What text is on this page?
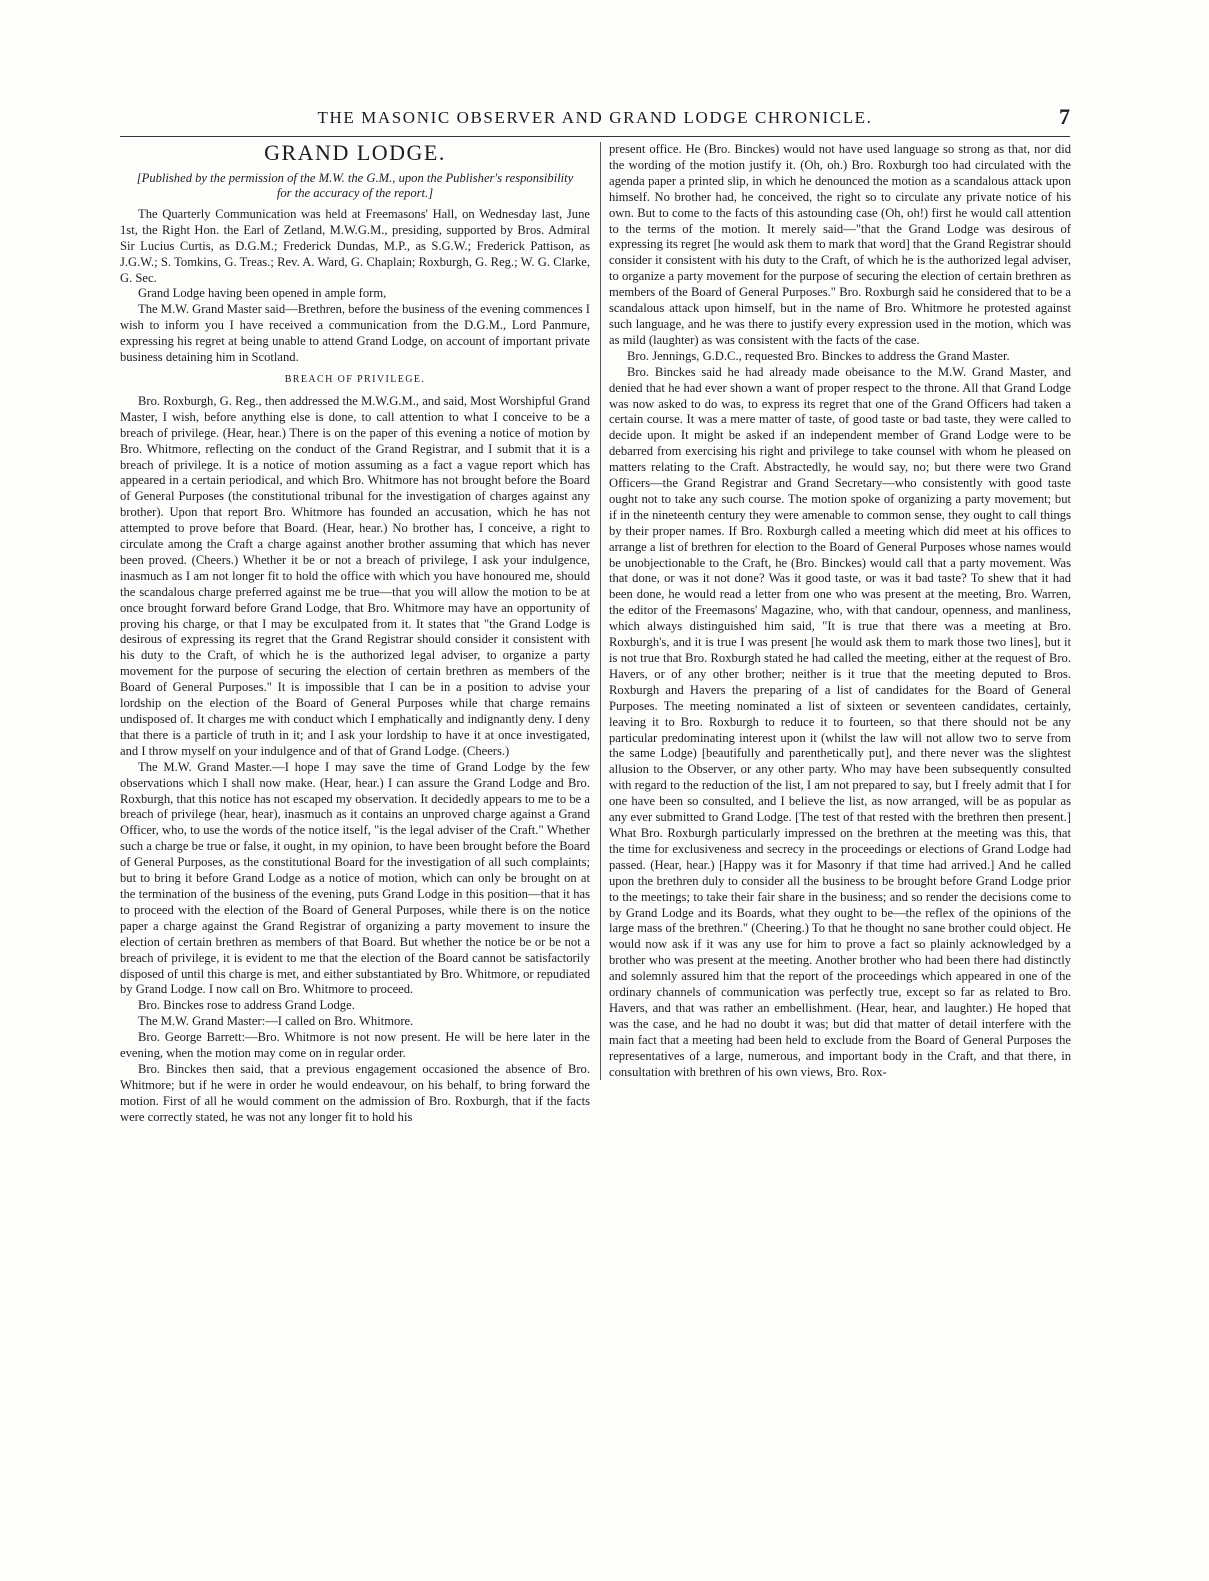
THE MASONIC OBSERVER AND GRAND LODGE CHRONICLE.	7
GRAND LODGE.
[Published by the permission of the M.W. the G.M., upon the Publisher's responsibility for the accuracy of the report.]

The Quarterly Communication was held at Freemasons' Hall, on Wednesday last, June 1st, the Right Hon. the Earl of Zetland, M.W.G.M., presiding, supported by Bros. Admiral Sir Lucius Curtis, as D.G.M.; Frederick Dundas, M.P., as S.G.W.; Frederick Pattison, as J.G.W.; S. Tomkins, G. Treas.; Rev. A. Ward, G. Chaplain; Roxburgh, G. Reg.; W. G. Clarke, G. Sec.

Grand Lodge having been opened in ample form,

The M.W. Grand Master said—Brethren, before the business of the evening commences I wish to inform you I have received a communication from the D.G.M., Lord Panmure, expressing his regret at being unable to attend Grand Lodge, on account of important private business detaining him in Scotland.

BREACH OF PRIVILEGE.

Bro. Roxburgh, G. Reg., then addressed the M.W.G.M., and said, Most Worshipful Grand Master, I wish, before anything else is done, to call attention to what I conceive to be a breach of privilege. (Hear, hear.) There is on the paper of this evening a notice of motion by Bro. Whitmore, reflecting on the conduct of the Grand Registrar, and I submit that it is a breach of privilege. It is a notice of motion assuming as a fact a vague report which has appeared in a certain periodical, and which Bro. Whitmore has not brought before the Board of General Purposes (the constitutional tribunal for the investigation of charges against any brother). Upon that report Bro. Whitmore has founded an accusation, which he has not attempted to prove before that Board. (Hear, hear.) No brother has, I conceive, a right to circulate among the Craft a charge against another brother assuming that which has never been proved. (Cheers.) Whether it be or not a breach of privilege, I ask your indulgence, inasmuch as I am not longer fit to hold the office with which you have honoured me, should the scandalous charge preferred against me be true—that you will allow the motion to be at once brought forward before Grand Lodge, that Bro. Whitmore may have an opportunity of proving his charge, or that I may be exculpated from it. It states that "the Grand Lodge is desirous of expressing its regret that the Grand Registrar should consider it consistent with his duty to the Craft, of which he is the authorized legal adviser, to organize a party movement for the purpose of securing the election of certain brethren as members of the Board of General Purposes." It is impossible that I can be in a position to advise your lordship on the election of the Board of General Purposes while that charge remains undisposed of. It charges me with conduct which I emphatically and indignantly deny. I deny that there is a particle of truth in it; and I ask your lordship to have it at once investigated, and I throw myself on your indulgence and of that of Grand Lodge. (Cheers.)

The M.W. Grand Master.—I hope I may save the time of Grand Lodge by the few observations which I shall now make. (Hear, hear.) I can assure the Grand Lodge and Bro. Roxburgh, that this notice has not escaped my observation. It decidedly appears to me to be a breach of privilege (hear, hear), inasmuch as it contains an unproved charge against a Grand Officer, who, to use the words of the notice itself, "is the legal adviser of the Craft." Whether such a charge be true or false, it ought, in my opinion, to have been brought before the Board of General Purposes, as the constitutional Board for the investigation of all such complaints; but to bring it before Grand Lodge as a notice of motion, which can only be brought on at the termination of the business of the evening, puts Grand Lodge in this position—that it has to proceed with the election of the Board of General Purposes, while there is on the notice paper a charge against the Grand Registrar of organizing a party movement to insure the election of certain brethren as members of that Board. But whether the notice be or be not a breach of privilege, it is evident to me that the election of the Board cannot be satisfactorily disposed of until this charge is met, and either substantiated by Bro. Whitmore, or repudiated by Grand Lodge. I now call on Bro. Whitmore to proceed.

Bro. Binckes rose to address Grand Lodge.

The M.W. Grand Master:—I called on Bro. Whitmore.

Bro. George Barrett:—Bro. Whitmore is not now present. He will be here later in the evening, when the motion may come on in regular order.

Bro. Binckes then said, that a previous engagement occasioned the absence of Bro. Whitmore; but if he were in order he would endeavour, on his behalf, to bring forward the motion. First of all he would comment on the admission of Bro. Roxburgh, that if the facts were correctly stated, he was not any longer fit to hold his

present office. He (Bro. Binckes) would not have used language so strong as that, nor did the wording of the motion justify it. (Oh, oh.) Bro. Roxburgh too had circulated with the agenda paper a printed slip, in which he denounced the motion as a scandalous attack upon himself. No brother had, he conceived, the right so to circulate any private notice of his own. But to come to the facts of this astounding case (Oh, oh!) first he would call attention to the terms of the motion. It merely said—"that the Grand Lodge was desirous of expressing its regret [he would ask them to mark that word] that the Grand Registrar should consider it consistent with his duty to the Craft, of which he is the authorized legal adviser, to organize a party movement for the purpose of securing the election of certain brethren as members of the Board of General Purposes." Bro. Roxburgh said he considered that to be a scandalous attack upon himself, but in the name of Bro. Whitmore he protested against such language, and he was there to justify every expression used in the motion, which was as mild (laughter) as was consistent with the facts of the case.

Bro. Jennings, G.D.C., requested Bro. Binckes to address the Grand Master.

Bro. Binckes said he had already made obeisance to the M.W. Grand Master, and denied that he had ever shown a want of proper respect to the throne. All that Grand Lodge was now asked to do was, to express its regret that one of the Grand Officers had taken a certain course. It was a mere matter of taste, of good taste or bad taste, they were called to decide upon. It might be asked if an independent member of Grand Lodge were to be debarred from exercising his right and privilege to take counsel with whom he pleased on matters relating to the Craft. Abstractedly, he would say, no; but there were two Grand Officers—the Grand Registrar and Grand Secretary—who consistently with good taste ought not to take any such course. The motion spoke of organizing a party movement; but if in the nineteenth century they were amenable to common sense, they ought to call things by their proper names. If Bro. Roxburgh called a meeting which did meet at his offices to arrange a list of brethren for election to the Board of General Purposes whose names would be unobjectionable to the Craft, he (Bro. Binckes) would call that a party movement. Was that done, or was it not done? Was it good taste, or was it bad taste? To shew that it had been done, he would read a letter from one who was present at the meeting, Bro. Warren, the editor of the Freemasons' Magazine, who, with that candour, openness, and manliness, which always distinguished him said, "It is true that there was a meeting at Bro. Roxburgh's, and it is true I was present [he would ask them to mark those two lines], but it is not true that Bro. Roxburgh stated he had called the meeting, either at the request of Bro. Havers, or of any other brother; neither is it true that the meeting deputed to Bros. Roxburgh and Havers the preparing of a list of candidates for the Board of General Purposes. The meeting nominated a list of sixteen or seventeen candidates, certainly, leaving it to Bro. Roxburgh to reduce it to fourteen, so that there should not be any particular predominating interest upon it (whilst the law will not allow two to serve from the same Lodge) [beautifully and parenthetically put], and there never was the slightest allusion to the Observer, or any other party. Who may have been subsequently consulted with regard to the reduction of the list, I am not prepared to say, but I freely admit that I for one have been so consulted, and I believe the list, as now arranged, will be as popular as any ever submitted to Grand Lodge. [The test of that rested with the brethren then present.] What Bro. Roxburgh particularly impressed on the brethren at the meeting was this, that the time for exclusiveness and secrecy in the proceedings or elections of Grand Lodge had passed. (Hear, hear.) [Happy was it for Masonry if that time had arrived.] And he called upon the brethren duly to consider all the business to be brought before Grand Lodge prior to the meetings; to take their fair share in the business; and so render the decisions come to by Grand Lodge and its Boards, what they ought to be—the reflex of the opinions of the large mass of the brethren." (Cheering.) To that he thought no sane brother could object. He would now ask if it was any use for him to prove a fact so plainly acknowledged by a brother who was present at the meeting. Another brother who had been there had distinctly and solemnly assured him that the report of the proceedings which appeared in one of the ordinary channels of communication was perfectly true, except so far as related to Bro. Havers, and that was rather an embellishment. (Hear, hear, and laughter.) He hoped that was the case, and he had no doubt it was; but did that matter of detail interfere with the main fact that a meeting had been held to exclude from the Board of General Purposes the representatives of a large, numerous, and important body in the Craft, and that there, in consultation with brethren of his own views, Bro. Rox-
